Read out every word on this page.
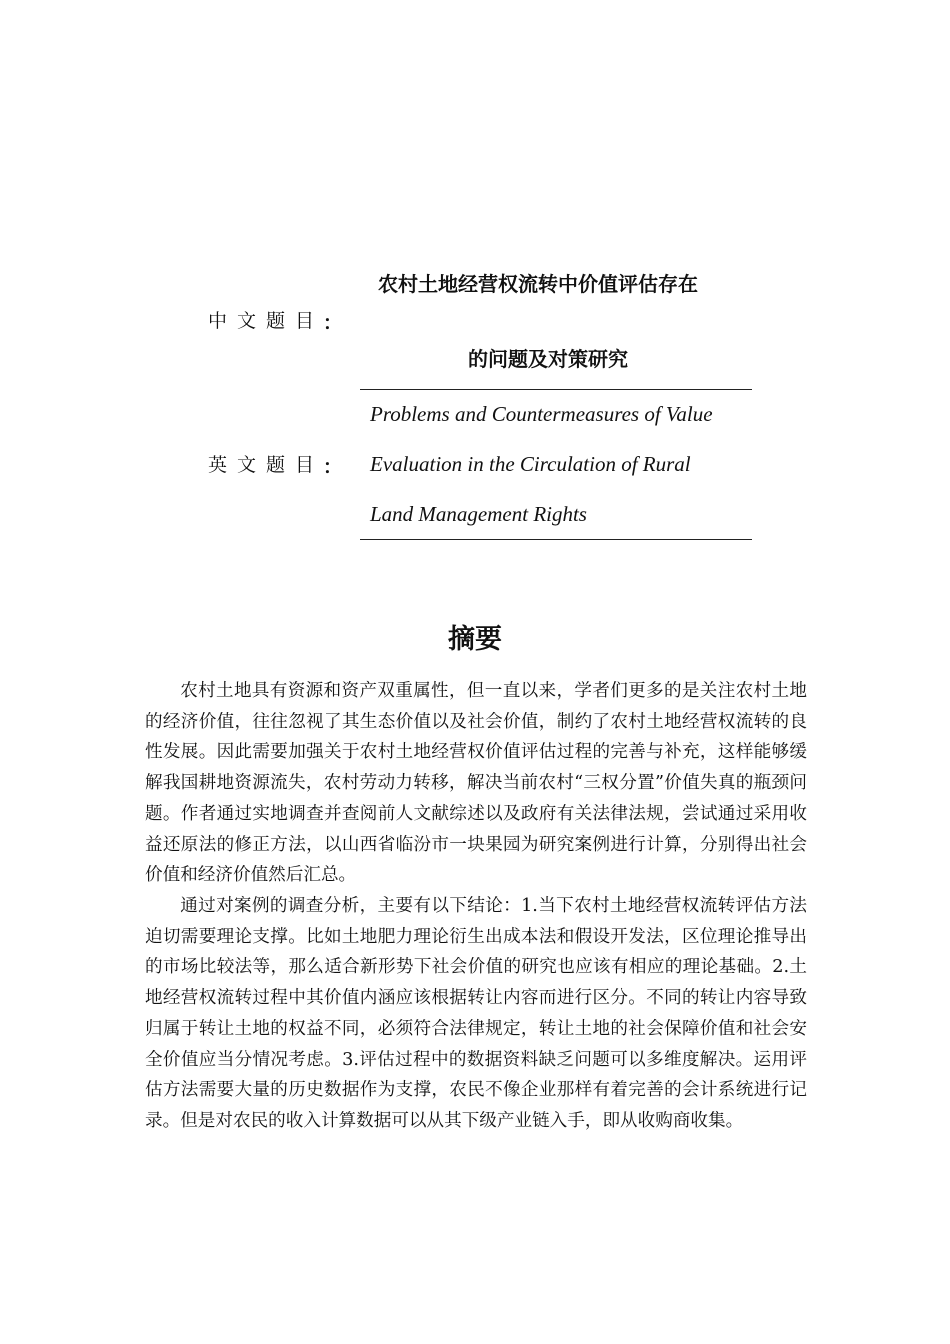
农村土地经营权流转中价值评估存在
中文题目
：
的问题及对策研究
Problems and Countermeasures of Value
英文题目
： Evaluation in the Circulation of Rural
Land Management Rights
摘要

农村土地具有资源和资产双重属性，但一直以来，学者们更多的是关注农村土地的经济价值，往往忽视了其生态价值以及社会价值，制约了农村土地经营权流转的良性发展。因此需要加强关于农村土地经营权价值评估过程的完善与补充，这样能够缓解我国耕地资源流失，农村劳动力转移，解决当前农村“三权分置”价值失真的瓶颈问题。作者通过实地调查并查阅前人文献综述以及政府有关法律法规，尝试通过采用收益还原法的修正方法，以山西省临汾市一块果园为研究案例进行计算，分别得出社会价值和经济价值然后汇总。

通过对案例的调查分析，主要有以下结论：1.当下农村土地经营权流转评估方法迫切需要理论支撑。比如土地肥力理论衍生出成本法和假设开发法，区位理论推导出的市场比较法等，那么适合新形势下社会价值的研究也应该有相应的理论基础。2.土地经营权流转过程中其价值内涵应该根据转让内容而进行区分。不同的转让内容导致归属于转让土地的权益不同，必须符合法律规定，转让土地的社会保障价值和社会安全价值应当分情况考虑。3.评估过程中的数据资料缺乏问题可以多维度解决。运用评估方法需要大量的历史数据作为支撑，农民不像企业那样有着完善的会计系统进行记录。但是对农民的收入计算数据可以从其下级产业链入手，即从收购商收集。
